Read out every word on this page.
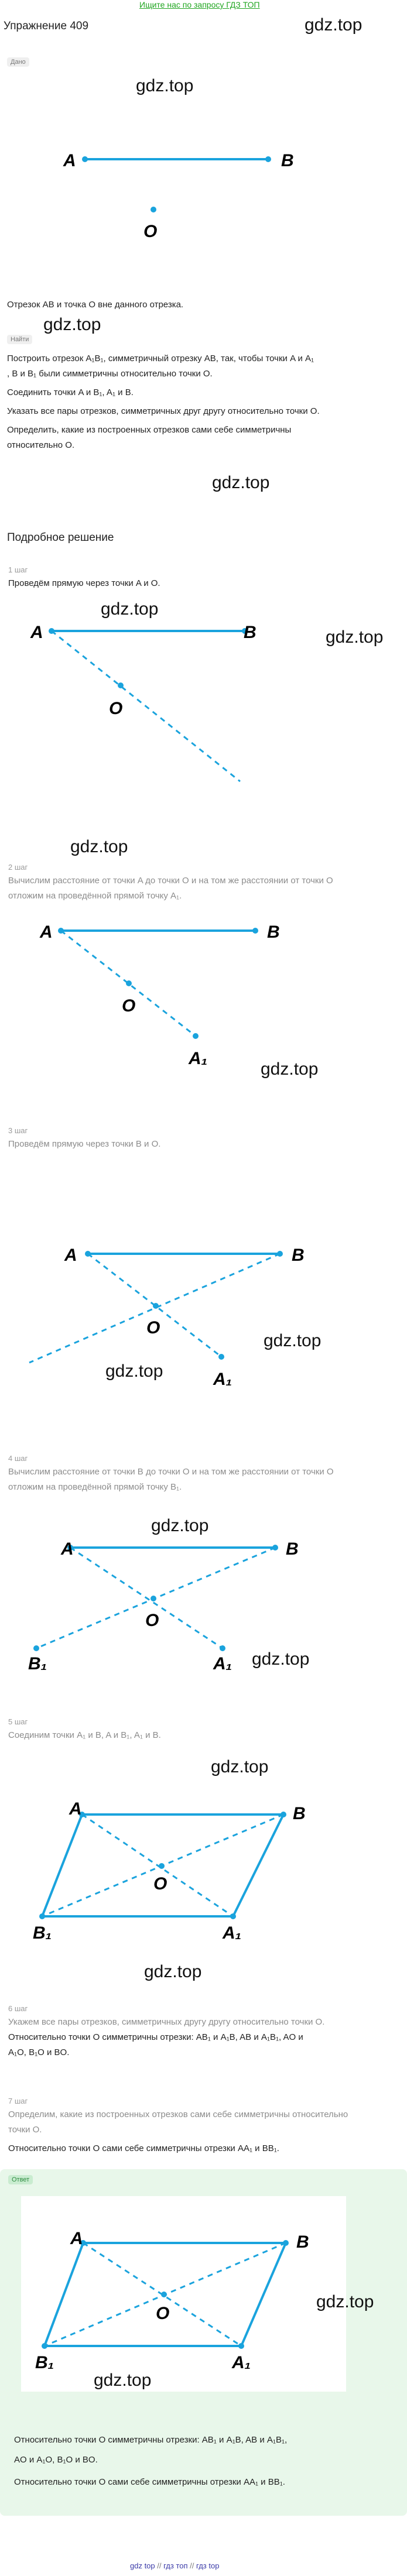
Ищите нас по запросу ГДЗ ТОП
Упражнение 409	gdz.top
Дано
gdz.top
A	B
O
Отрезок AB и точка O вне данного отрезка.
gdz.top
Найти
Построить отрезок A₁B₁, симметричный отрезку AB, так, чтобы точки A и A₁
, B и B₁ были симметричны относительно точки O.
Соединить точки A и B₁, A₁ и B.
Указать все пары отрезков, симметричных друг другу относительно точки O.
Определить, какие из построенных отрезков сами себе симметричны
относительно O.
gdz.top
Подробное решение
1 шаг
Проведём прямую через точки A и O.
gdz.top
gdz.top
A	B
O
gdz.top
2 шаг
Вычислим расстояние от точки A до точки O и на том же расстоянии от точки O
отложим на проведённой прямой точку A₁.
A	B
O
A₁
gdz.top
3 шаг
Проведём прямую через точки B и O.
A	B
O
A₁
gdz.top
gdz.top
4 шаг
Вычислим расстояние от точки B до точки O и на том же расстоянии от точки O
отложим на проведённой прямой точку B₁.
gdz.top
A	B
O
A₁
B₁	gdz.top
5 шаг
Соединим точки A₁ и B, A и B₁, A₁ и B.
gdz.top
A	B
O
A₁
B₁
gdz.top
6 шаг
Укажем все пары отрезков, симметричных другу другу относительно точки O.
Относительно точки O симметричны отрезки: AB₁ и A₁B, AB и A₁B₁, AO и
A₁O, B₁O и BO.
7 шаг
Определим, какие из построенных отрезков сами себе симметричны относительно
точки O.
Относительно точки O сами себе симметричны отрезки AA₁ и BB₁.
Ответ
A	B
O
A₁
B₁
gdz.top
gdz.top
Относительно точки O симметричны отрезки: AB₁ и A₁B, AB и A₁B₁,
AO и A₁O, B₁O и BO.
Относительно точки O сами себе симметричны отрезки AA₁ и BB₁.
gdz top // гдз топ // гдз top
